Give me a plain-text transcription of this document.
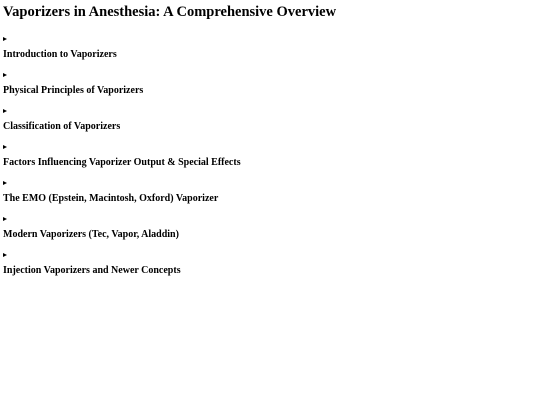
Vaporizers in Anesthesia: A Comprehensive Overview
Introduction to Vaporizers
Physical Principles of Vaporizers
Classification of Vaporizers
Factors Influencing Vaporizer Output & Special Effects
The EMO (Epstein, Macintosh, Oxford) Vaporizer
Modern Vaporizers (Tec, Vapor, Aladdin)
Injection Vaporizers and Newer Concepts
